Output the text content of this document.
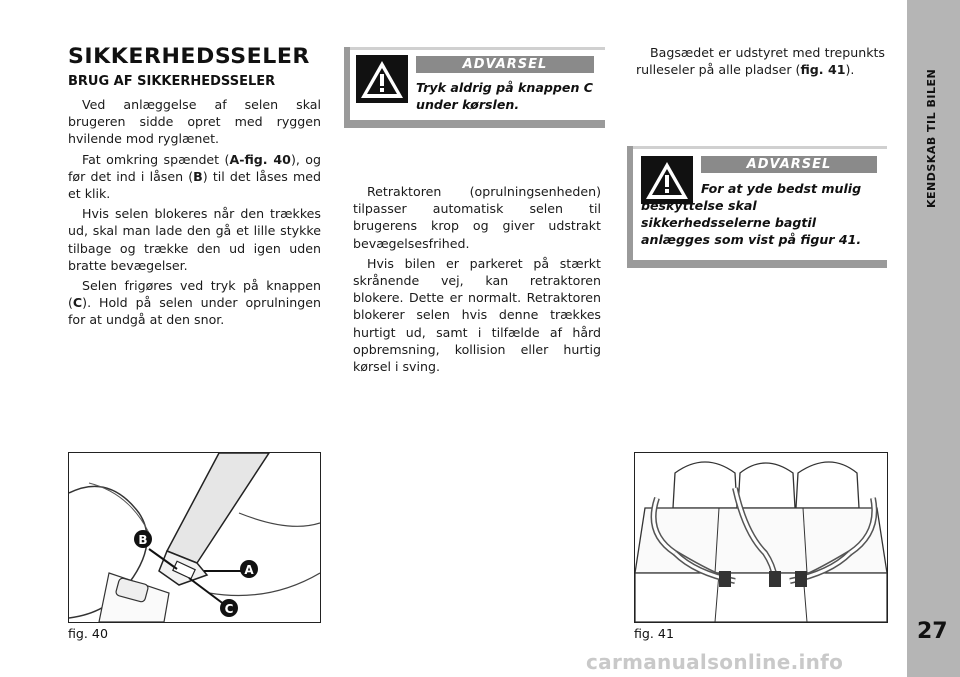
KENDSKAB TIL BILEN
27
SIKKERHEDSSELER
BRUG AF SIKKERHEDSSELER

Ved anlæggelse af selen skal brugeren sidde opret med ryggen hvilende mod ryglænet.

Fat omkring spændet (A-fig. 40), og før det ind i låsen (B) til det låses med et klik.

Hvis selen blokeres når den trækkes ud, skal man lade den gå et lille stykke tilbage og trække den ud igen uden bratte bevægelser.

Selen frigøres ved tryk på knappen (C). Hold på selen under oprulningen for at undgå at den snor.

ADVARSEL
Tryk aldrig på knappen C under kørslen.

Retraktoren (oprulningsenheden) tilpasser automatisk selen til brugerens krop og giver udstrakt bevægelsesfrihed.

Hvis bilen er parkeret på stærkt skrånende vej, kan retraktoren blokere. Dette er normalt. Retraktoren blokerer selen hvis denne trækkes hurtigt ud, samt i tilfælde af hård opbremsning, kollision eller hurtig kørsel i sving.

Bagsædet er udstyret med trepunkts rulleseler på alle pladser (fig. 41).

ADVARSEL
For at yde bedst mulig beskyttelse skal sikkerhedsselerne bagtil anlægges som vist på figur 41.
B
A
C
fig. 40	fig. 41
carmanualsonline.info
